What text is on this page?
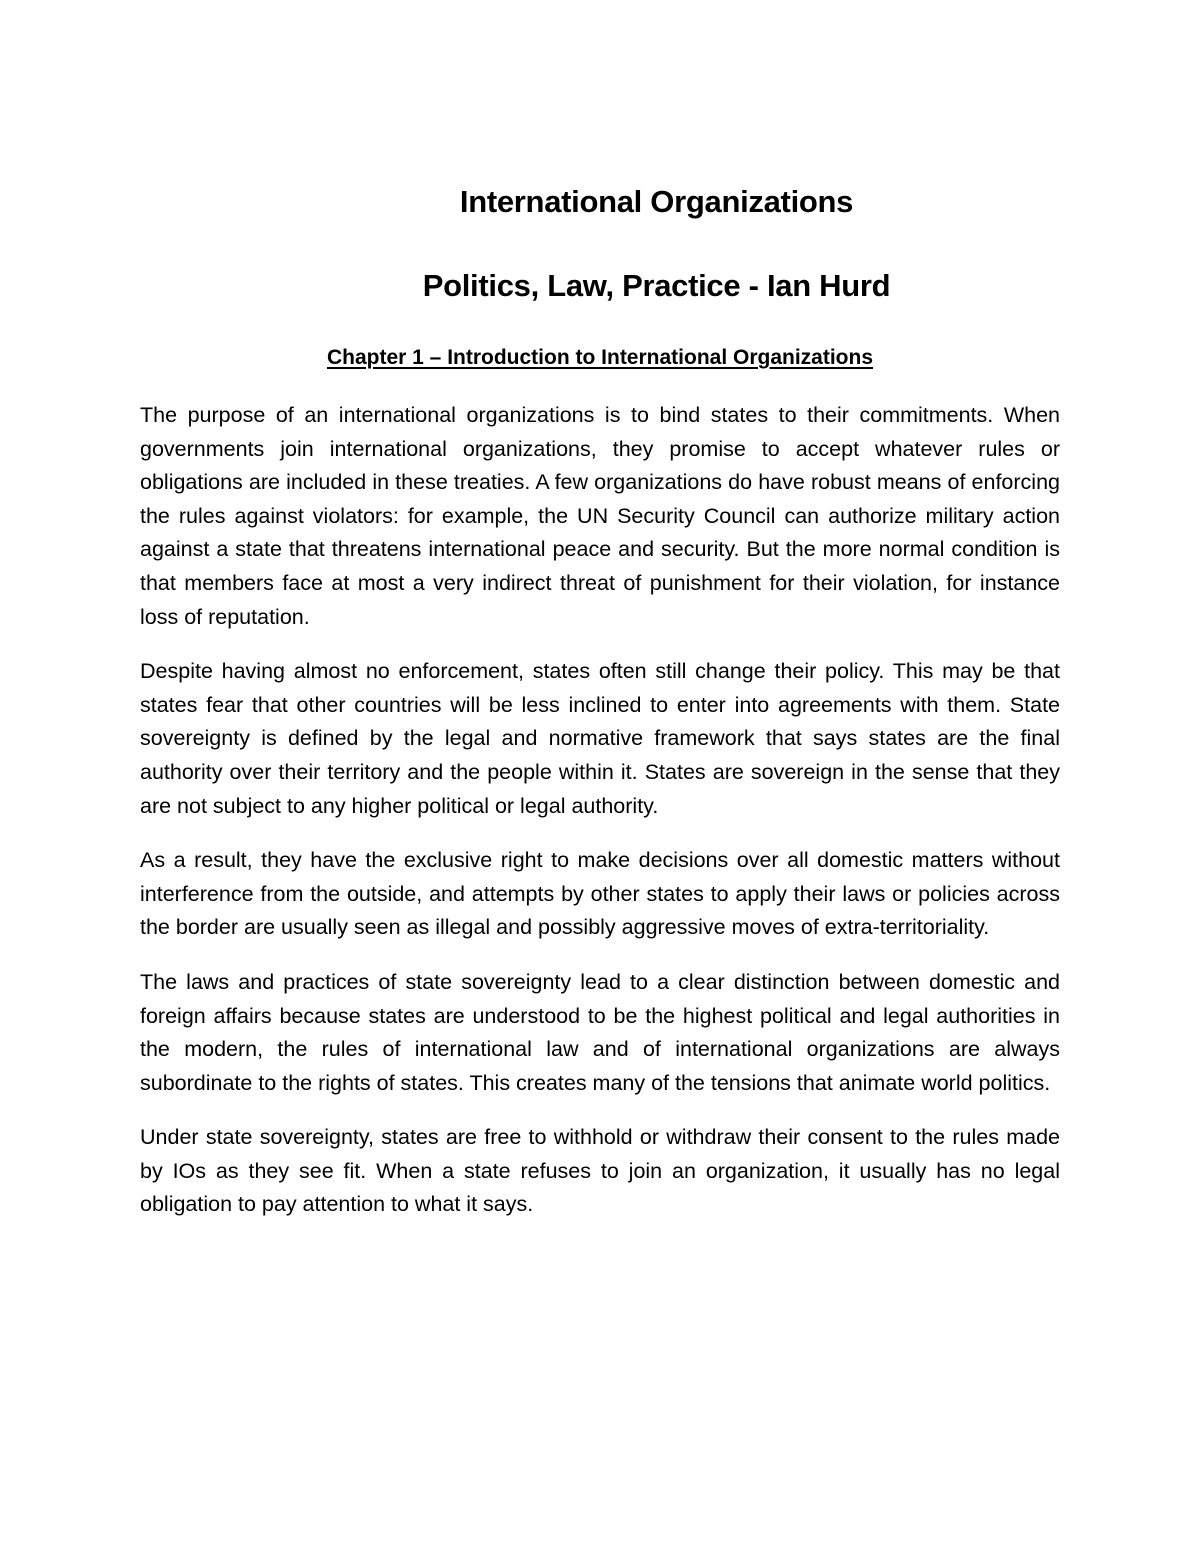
International Organizations
Politics, Law, Practice - Ian Hurd
Chapter 1 – Introduction to International Organizations

The purpose of an international organizations is to bind states to their commitments. When governments join international organizations, they promise to accept whatever rules or obligations are included in these treaties. A few organizations do have robust means of enforcing the rules against violators: for example, the UN Security Council can authorize military action against a state that threatens international peace and security. But the more normal condition is that members face at most a very indirect threat of punishment for their violation, for instance loss of reputation.

Despite having almost no enforcement, states often still change their policy. This may be that states fear that other countries will be less inclined to enter into agreements with them. State sovereignty is defined by the legal and normative framework that says states are the final authority over their territory and the people within it. States are sovereign in the sense that they are not subject to any higher political or legal authority.

As a result, they have the exclusive right to make decisions over all domestic matters without interference from the outside, and attempts by other states to apply their laws or policies across the border are usually seen as illegal and possibly aggressive moves of extra-territoriality.

The laws and practices of state sovereignty lead to a clear distinction between domestic and foreign affairs because states are understood to be the highest political and legal authorities in the modern, the rules of international law and of international organizations are always subordinate to the rights of states. This creates many of the tensions that animate world politics.

Under state sovereignty, states are free to withhold or withdraw their consent to the rules made by IOs as they see fit. When a state refuses to join an organization, it usually has no legal obligation to pay attention to what it says.
